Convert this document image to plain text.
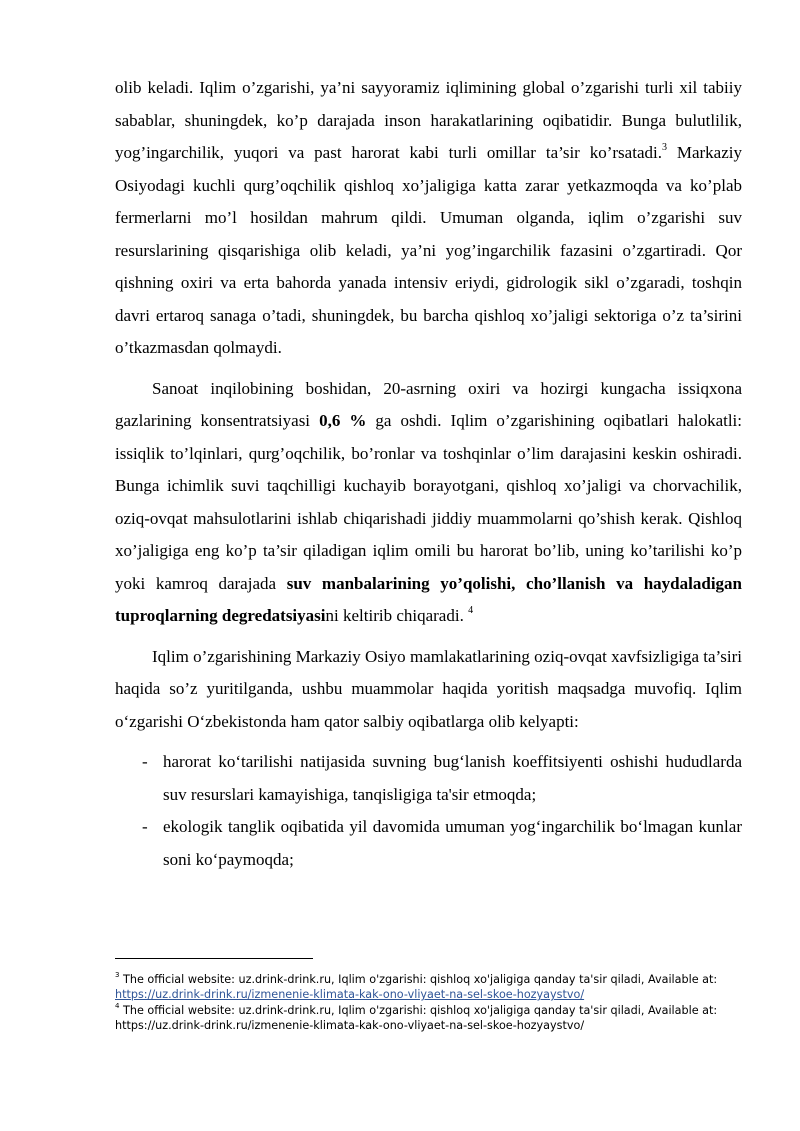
olib keladi. Iqlim o’zgarishi, ya’ni sayyoramiz iqlimining global o’zgarishi turli xil tabiiy sabablar, shuningdek, ko’p darajada inson harakatlarining oqibatidir. Bunga bulutlilik, yog’ingarchilik, yuqori va past harorat kabi turli omillar ta’sir ko’rsatadi.$^3$ Markaziy Osiyodagi kuchli qurg’oqchilik qishloq xo’jaligiga katta zarar yetkazmoqda va ko’plab fermerlarni mo’l hosildan mahrum qildi. Umuman olganda, iqlim o’zgarishi suv resurslarining qisqarishiga olib keladi, ya’ni yog’ingarchilik fazasini o’zgartiradi. Qor qishning oxiri va erta bahorda yanada intensiv eriydi, gidrologik sikl o’zgaradi, toshqin davri ertaroq sanaga o’tadi, shuningdek, bu barcha qishloq xo’jaligi sektoriga o’z ta’sirini o’tkazmasdan qolmaydi.

Sanoat inqilobining boshidan, 20-asrning oxiri va hozirgi kungacha issiqxona gazlarining konsentratsiyasi 0,6 % ga oshdi. Iqlim o’zgarishining oqibatlari halokatli: issiqlik to’lqinlari, qurg’oqchilik, bo’ronlar va toshqinlar o’lim darajasini keskin oshiradi. Bunga ichimlik suvi taqchilligi kuchayib borayotgani, qishloq xo’jaligi va chorvachilik, oziq-ovqat mahsulotlarini ishlab chiqarishadi jiddiy muammolarni qo’shish kerak. Qishloq xo’jaligiga eng ko’p ta’sir qiladigan iqlim omili bu harorat bo’lib, uning ko’tarilishi ko’p yoki kamroq darajada suv manbalarining yo’qolishi, cho’llanish va haydaladigan tuproqlarning degredatsiyasini keltirib chiqaradi. $^4$

Iqlim o’zgarishining Markaziy Osiyo mamlakatlarining oziq-ovqat xavfsizligiga ta’siri haqida so’z yuritilganda, ushbu muammolar haqida yoritish maqsadga muvofiq. Iqlim o‘zgarishi O‘zbekistonda ham qator salbiy oqibatlarga olib kelyapti:

- harorat ko‘tarilishi natijasida suvning bug‘lanish koeffitsiyenti oshishi hududlarda suv resurslari kamayishiga, tanqisligiga ta'sir etmoqda;
- ekologik tanglik oqibatida yil davomida umuman yog‘ingarchilik bo‘lmagan kunlar soni ko‘paymoqda;

$^3$ The official website: uz.drink-drink.ru, Iqlim o'zgarishi: qishloq xo'jaligiga qanday ta'sir qiladi, Available at: https://uz.drink-drink.ru/izmenenie-klimata-kak-ono-vliyaet-na-sel-skoe-hozyaystvo/

$^4$ The official website: uz.drink-drink.ru, Iqlim o'zgarishi: qishloq xo'jaligiga qanday ta'sir qiladi, Available at: https://uz.drink-drink.ru/izmenenie-klimata-kak-ono-vliyaet-na-sel-skoe-hozyaystvo/
